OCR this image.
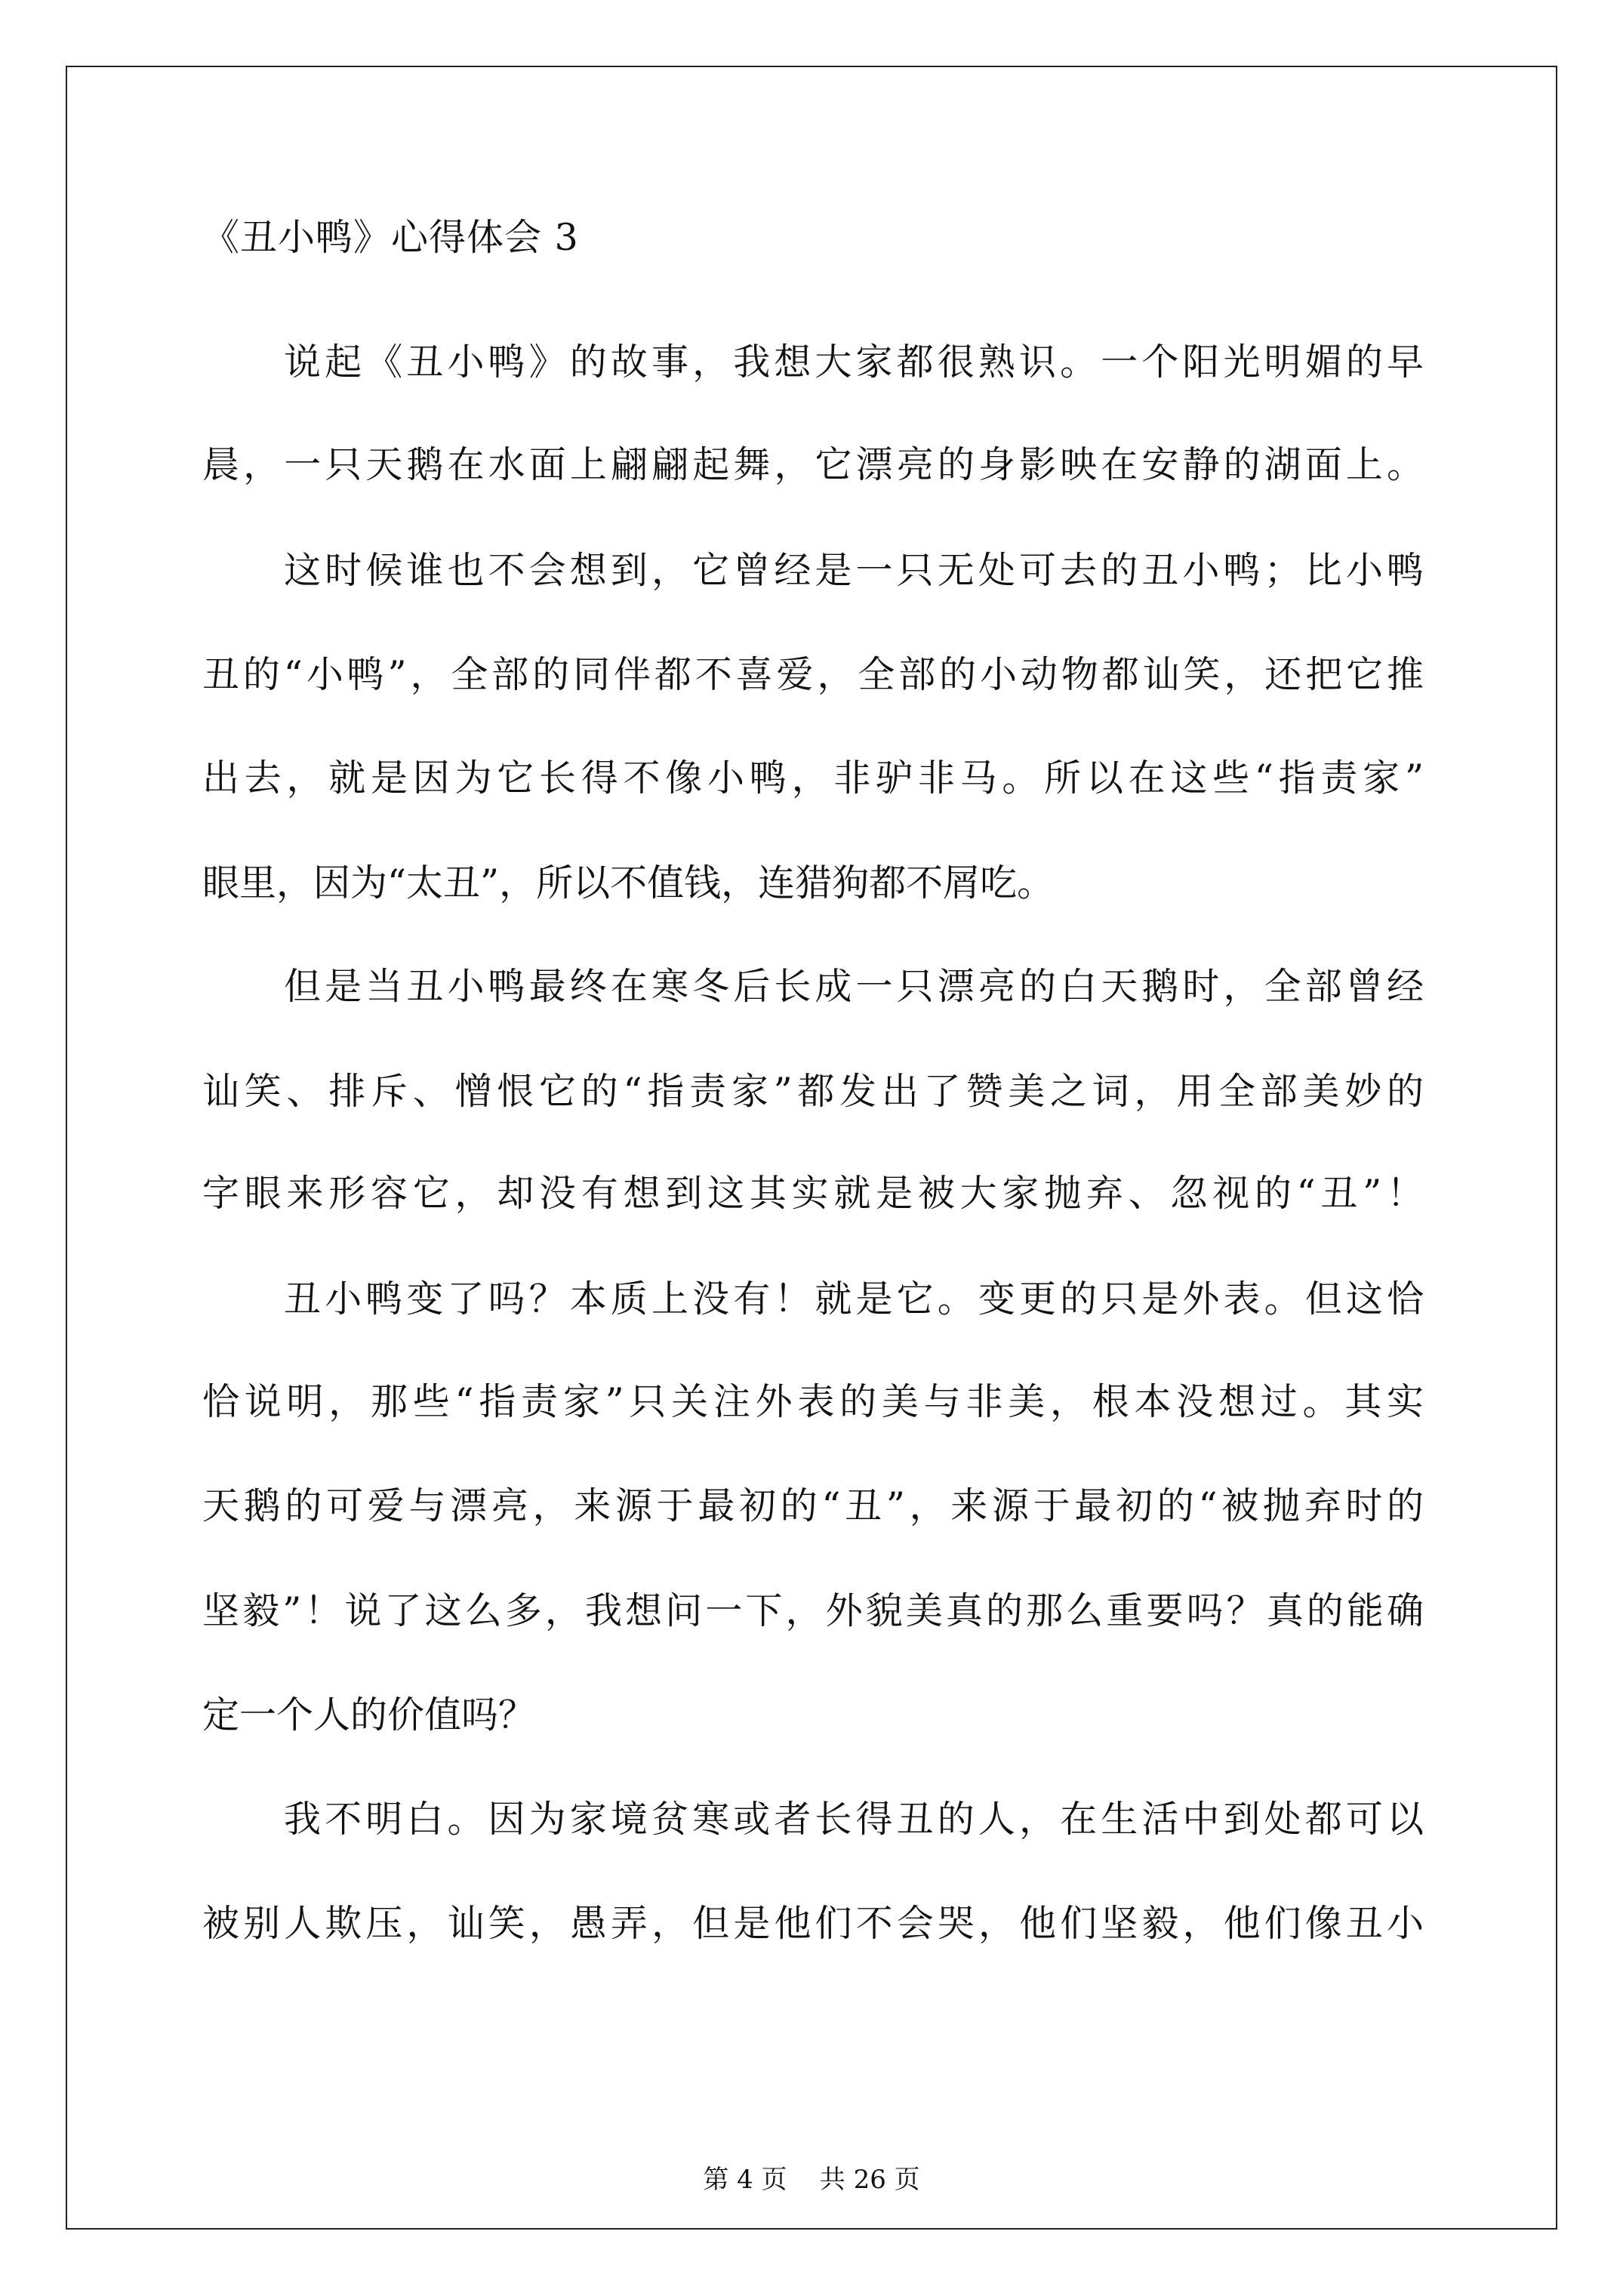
《丑小鸭》心得体会 3
说起《丑小鸭》的故事，我想大家都很熟识。一个阳光明媚的早
晨，一只天鹅在水面上翩翩起舞，它漂亮的身影映在安静的湖面上。
这时候谁也不会想到，它曾经是一只无处可去的丑小鸭；比小鸭
丑的“小鸭”，全部的同伴都不喜爱，全部的小动物都讪笑，还把它推
出去，就是因为它长得不像小鸭，非驴非马。所以在这些“指责家”
眼里，因为“太丑”，所以不值钱，连猎狗都不屑吃。
但是当丑小鸭最终在寒冬后长成一只漂亮的白天鹅时，全部曾经
讪笑、排斥、憎恨它的“指责家”都发出了赞美之词，用全部美妙的
字眼来形容它，却没有想到这其实就是被大家抛弃、忽视的“丑”！
丑小鸭变了吗？本质上没有！就是它。变更的只是外表。但这恰
恰说明，那些“指责家”只关注外表的美与非美，根本没想过。其实
天鹅的可爱与漂亮，来源于最初的“丑”，来源于最初的“被抛弃时的
坚毅”！说了这么多，我想问一下，外貌美真的那么重要吗？真的能确
定一个人的价值吗？
我不明白。因为家境贫寒或者长得丑的人，在生活中到处都可以
被别人欺压，讪笑，愚弄，但是他们不会哭，他们坚毅，他们像丑小
第 4 页    共 26 页
